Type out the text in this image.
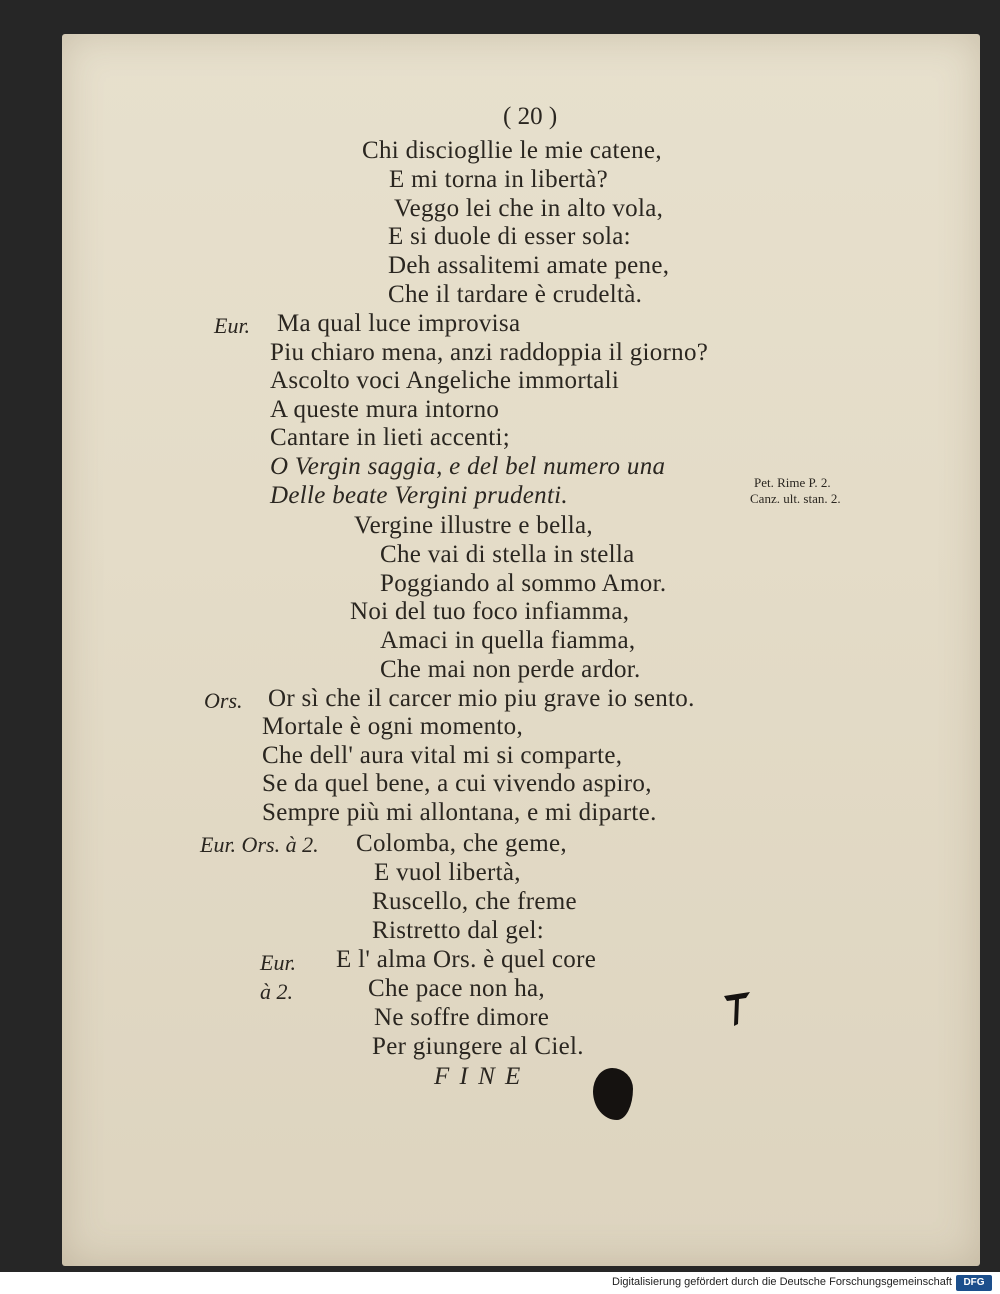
( 20 )
Chi disciogllie le mie catene,
E mi torna in libertà?
Veggo lei che in alto vola,
E si duole di esser sola:
Deh assalitemi amate pene,
Che il tardare è crudeltà.
Eur. Ma qual luce improvisa
Piu chiaro mena, anzi raddoppia il giorno?
Ascolto voci Angeliche immortali
A queste mura intorno
Cantare in lieti accenti;
O Vergin saggia, e del bel numero una
Delle beate Vergini prudenti.	Pet. Rime P. 2.
Canz. ult. stan. 2.
Vergine illustre e bella,
Che vai di stella in stella
Poggiando al sommo Amor.
Noi del tuo foco infiamma,
Amaci in quella fiamma,
Che mai non perde ardor.
Ors. Or sì che il carcer mio piu grave io sento.
Mortale è ogni momento,
Che dell' aura vital mi si comparte,
Se da quel bene, a cui vivendo aspiro,
Sempre più mi allontana, e mi diparte.
Eur. Ors. à 2. Colomba, che geme,
E vuol libertà,
Ruscello, che freme
Ristretto dal gel:
Eur. E l' alma Ors. è quel core
à 2.	Che pace non ha,
Ne soffre dimore
Per giungere al Ciel.
F I N E
Digitalisierung gefördert durch die Deutsche Forschungsgemeinschaft	DFG
